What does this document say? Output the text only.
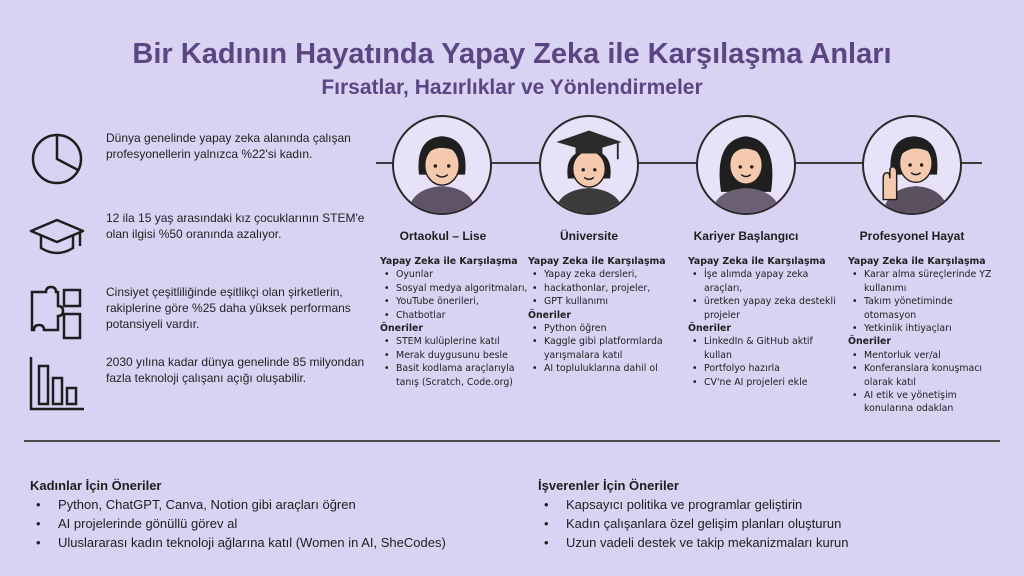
Bir Kadının Hayatında Yapay Zeka ile Karşılaşma Anları
Fırsatlar, Hazırlıklar ve Yönlendirmeler
Dünya genelinde yapay zeka alanında çalışan profesyonellerin yalnızca %22'si kadın.
12 ila 15 yaş arasındaki kız çocuklarının STEM'e olan ilgisi %50 oranında azalıyor.
Cinsiyet çeşitliliğinde eşitlikçi olan şirketlerin, rakiplerine göre %25 daha yüksek performans potansiyeli vardır.
2030 yılına kadar dünya genelinde 85 milyondan fazla teknoloji çalışanı açığı oluşabilir.
Ortaokul – Lise	Üniversite	Kariyer Başlangıcı	Profesyonel Hayat
Yapay Zeka ile Karşılaşma
• Oyunlar
• Sosyal medya algoritmaları,
• YouTube önerileri,
• Chatbotlar
Öneriler
• STEM kulüplerine katıl
• Merak duygusunu besle
• Basit kodlama araçlarıyla tanış (Scratch, Code.org)
Yapay Zeka ile Karşılaşma
• Yapay zeka dersleri,
• hackathonlar, projeler,
• GPT kullanımı
Öneriler
• Python öğren
• Kaggle gibi platformlarda yarışmalara katıl
• AI topluluklarına dahil ol
Yapay Zeka ile Karşılaşma
• İşe alımda yapay zeka araçları,
• üretken yapay zeka destekli projeler
Öneriler
• LinkedIn & GitHub aktif kullan
• Portfolyo hazırla
• CV'ne AI projeleri ekle
Yapay Zeka ile Karşılaşma
• Karar alma süreçlerinde YZ kullanımı
• Takım yönetiminde otomasyon
• Yetkinlik ihtiyaçları
Öneriler
• Mentorluk ver/al
• Konferanslara konuşmacı olarak katıl
• AI etik ve yönetişim konularına odaklan
Kadınlar İçin Öneriler
• Python, ChatGPT, Canva, Notion gibi araçları öğren
• AI projelerinde gönüllü görev al
• Uluslararası kadın teknoloji ağlarına katıl (Women in AI, SheCodes)
İşverenler İçin Öneriler
• Kapsayıcı politika ve programlar geliştirin
• Kadın çalışanlara özel gelişim planları oluşturun
• Uzun vadeli destek ve takip mekanizmaları kurun
